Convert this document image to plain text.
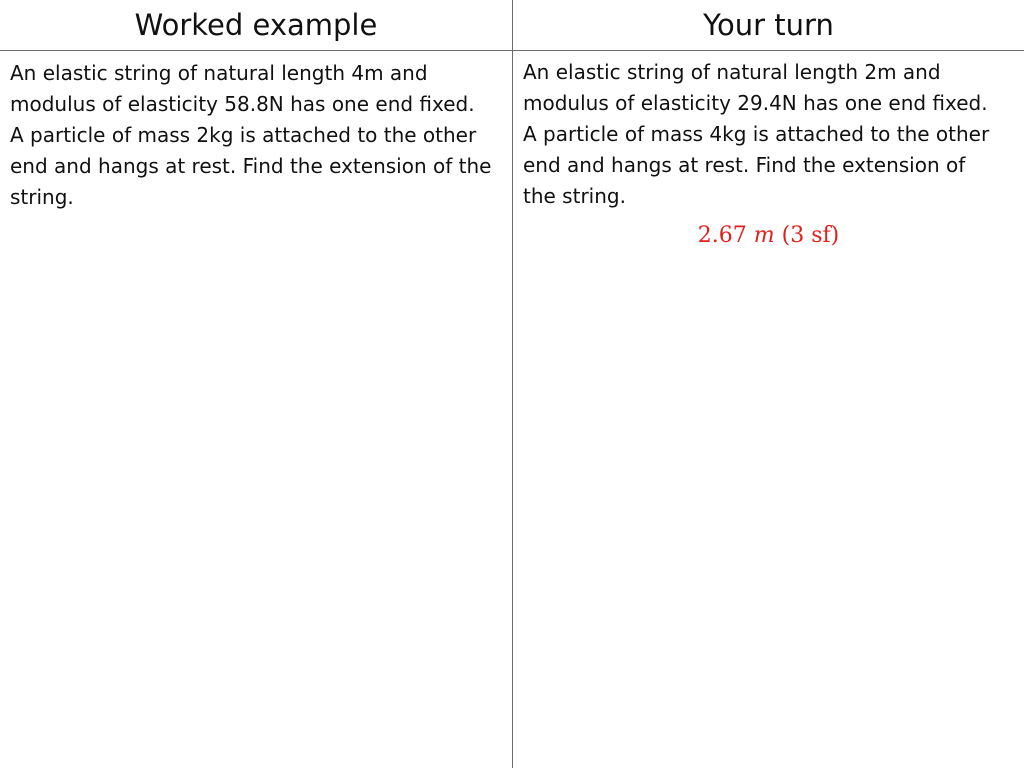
Worked example
An elastic string of natural length 4m and modulus of elasticity 58.8N has one end fixed. A particle of mass 2kg is attached to the other end and hangs at rest. Find the extension of the string.
Your turn
An elastic string of natural length 2m and modulus of elasticity 29.4N has one end fixed. A particle of mass 4kg is attached to the other end and hangs at rest. Find the extension of the string.
2.67 m (3 sf)
